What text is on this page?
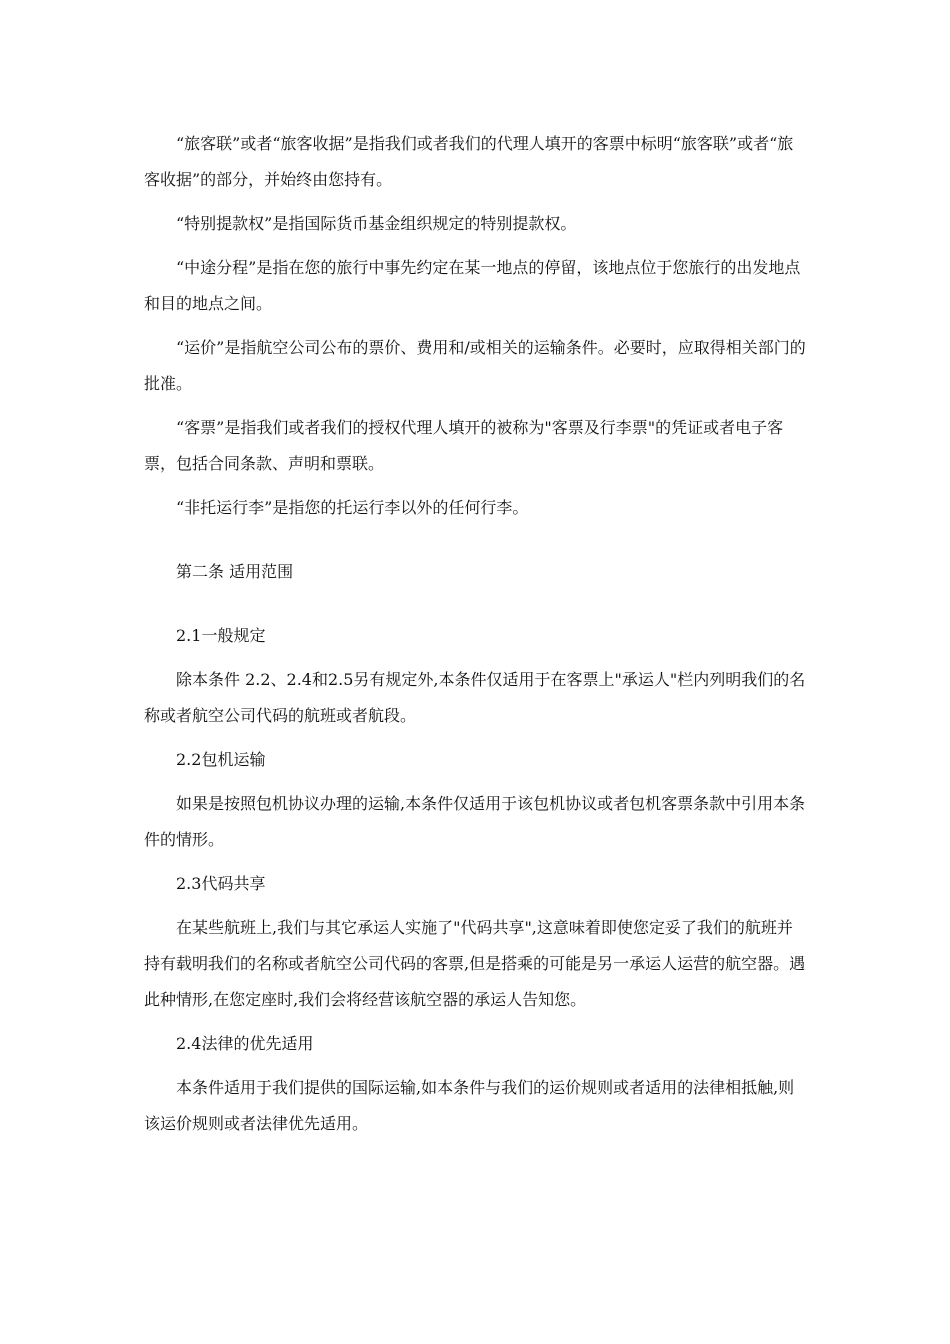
“旅客联”或者“旅客收据”是指我们或者我们的代理人填开的客票中标明“旅客联”或者“旅客收据”的部分，并始终由您持有。

“特别提款权”是指国际货币基金组织规定的特别提款权。

“中途分程”是指在您的旅行中事先约定在某一地点的停留，该地点位于您旅行的出发地点和目的地点之间。

“运价”是指航空公司公布的票价、费用和/或相关的运输条件。必要时，应取得相关部门的批准。

“客票”是指我们或者我们的授权代理人填开的被称为"客票及行李票"的凭证或者电子客票，包括合同条款、声明和票联。

“非托运行李”是指您的托运行李以外的任何行李。

第二条 适用范围

2.1一般规定

除本条件 2.2、2.4和2.5另有规定外,本条件仅适用于在客票上"承运人"栏内列明我们的名称或者航空公司代码的航班或者航段。

2.2包机运输

如果是按照包机协议办理的运输,本条件仅适用于该包机协议或者包机客票条款中引用本条件的情形。

2.3代码共享

在某些航班上,我们与其它承运人实施了"代码共享",这意味着即使您定妥了我们的航班并持有载明我们的名称或者航空公司代码的客票,但是搭乘的可能是另一承运人运营的航空器。遇此种情形,在您定座时,我们会将经营该航空器的承运人告知您。

2.4法律的优先适用

本条件适用于我们提供的国际运输,如本条件与我们的运价规则或者适用的法律相抵触,则该运价规则或者法律优先适用。
